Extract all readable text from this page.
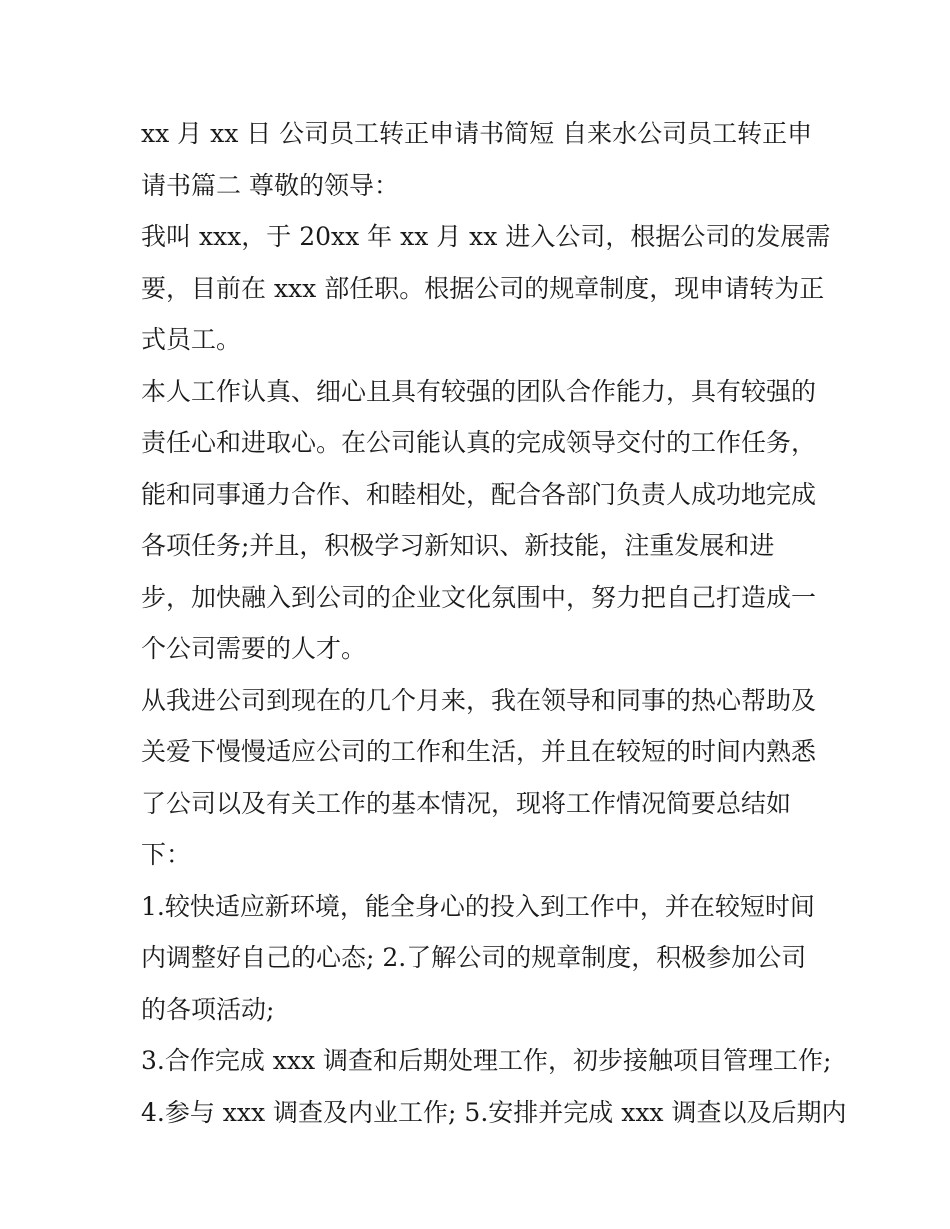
xx 月 xx 日 公司员工转正申请书简短 自来水公司员工转正申
请书篇二 尊敬的领导：
我叫 xxx，于 20xx 年 xx 月 xx 进入公司，根据公司的发展需
要，目前在 xxx 部任职。根据公司的规章制度，现申请转为正
式员工。
本人工作认真、细心且具有较强的团队合作能力，具有较强的
责任心和进取心。在公司能认真的完成领导交付的工作任务，
能和同事通力合作、和睦相处，配合各部门负责人成功地完成
各项任务;并且，积极学习新知识、新技能，注重发展和进
步，加快融入到公司的企业文化氛围中，努力把自己打造成一
个公司需要的人才。
从我进公司到现在的几个月来，我在领导和同事的热心帮助及
关爱下慢慢适应公司的工作和生活，并且在较短的时间内熟悉
了公司以及有关工作的基本情况，现将工作情况简要总结如
下：
1.较快适应新环境，能全身心的投入到工作中，并在较短时间
内调整好自己的心态; 2.了解公司的规章制度，积极参加公司
的各项活动;
3.合作完成 xxx 调查和后期处理工作，初步接触项目管理工作;
4.参与 xxx 调查及内业工作; 5.安排并完成 xxx 调查以及后期内
